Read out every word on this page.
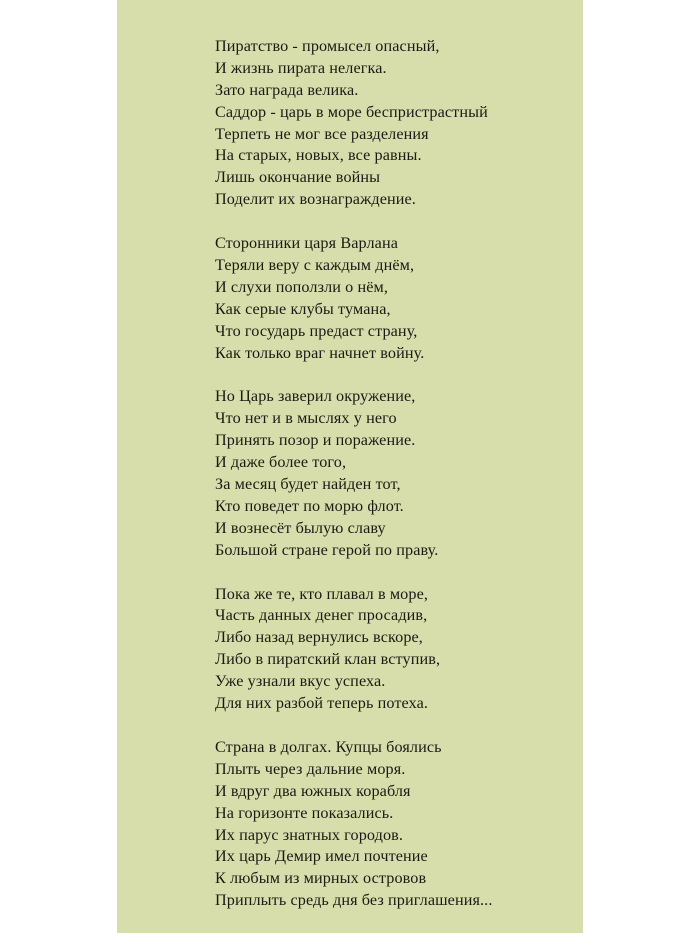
Пиратство - промысел опасный,
И жизнь пирата нелегка.
Зато награда велика.
Саддор - царь в море беспристрастный
Терпеть не мог все разделения
На старых, новых, все равны.
Лишь окончание войны
Поделит их вознаграждение.
Сторонники царя Варлана
Теряли веру с каждым днём,
И слухи поползли о нём,
Как серые клубы тумана,
Что государь предаст страну,
Как только враг начнет войну.
Но Царь заверил окружение,
Что нет и в мыслях у него
Принять позор и поражение.
И даже более того,
За месяц будет найден тот,
Кто поведет по морю флот.
И вознесёт былую славу
Большой стране герой по праву.
Пока же те, кто плавал в море,
Часть данных денег просадив,
Либо назад вернулись вскоре,
Либо в пиратский клан вступив,
Уже узнали вкус успеха.
Для них разбой теперь потеха.
Страна в долгах. Купцы боялись
Плыть через дальние моря.
И вдруг два южных корабля
На горизонте показались.
Их парус знатных городов.
Их царь Демир имел почтение
К любым из мирных островов
Приплыть средь дня без приглашения...
